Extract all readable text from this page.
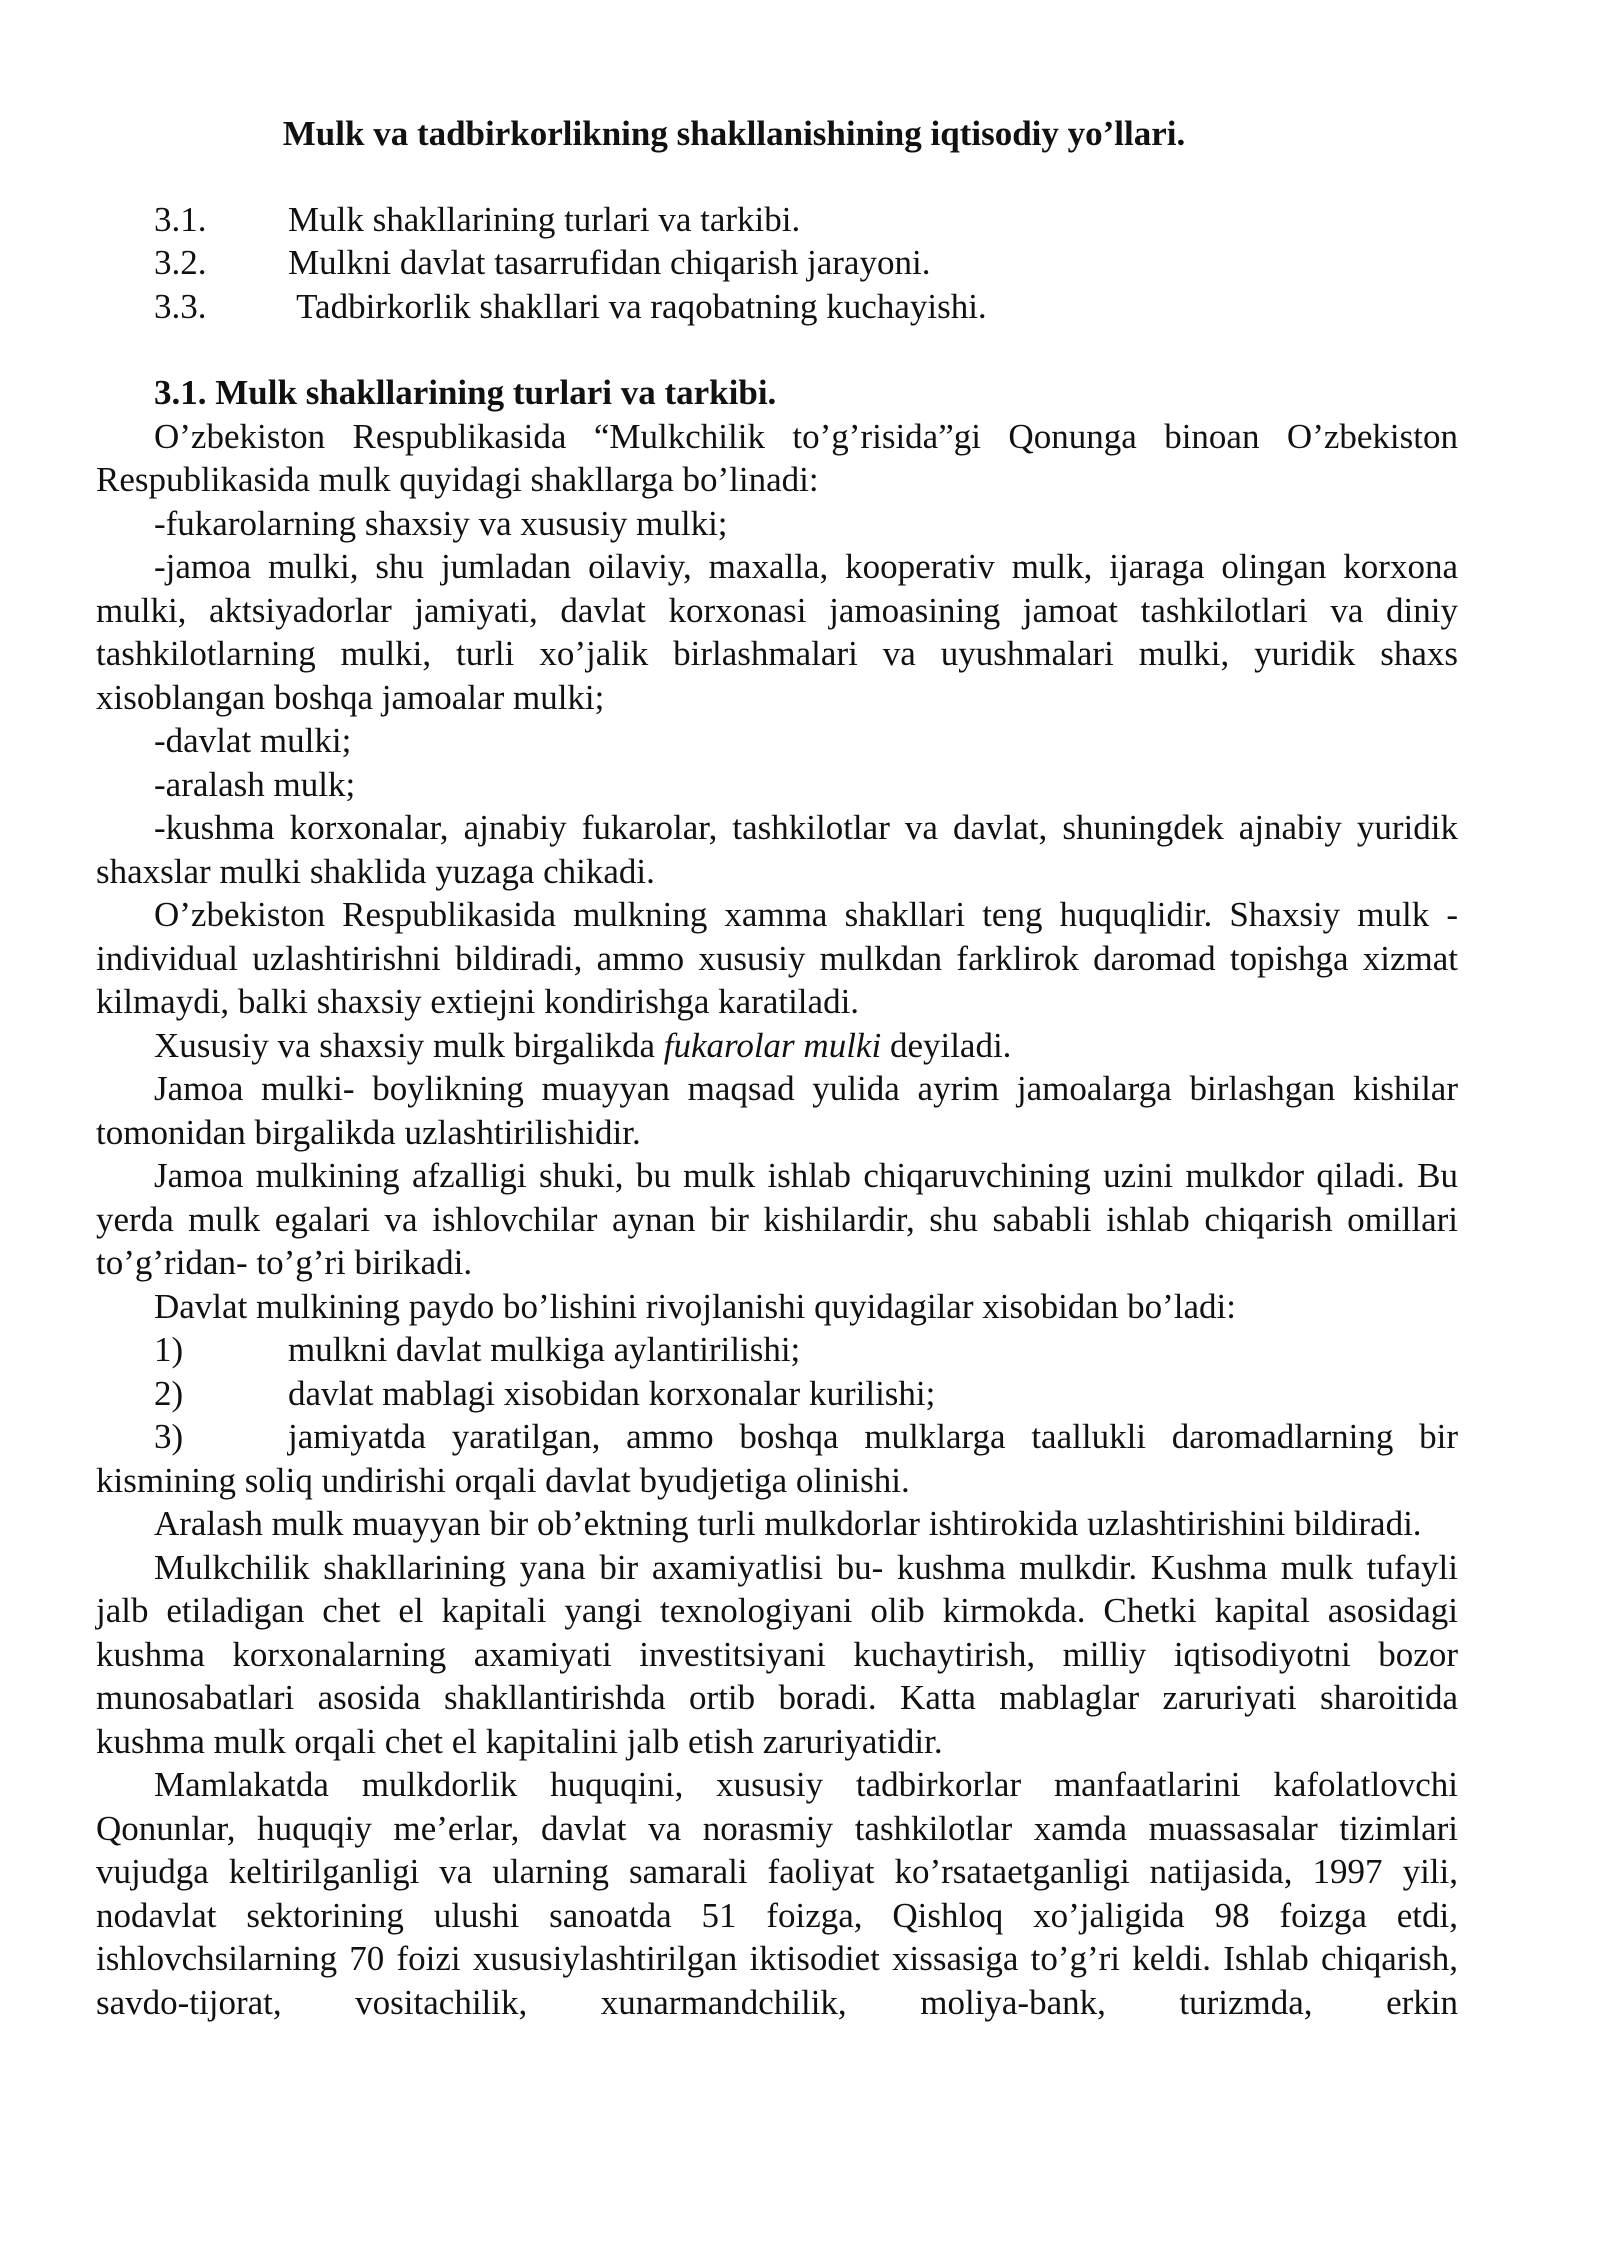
Mulk va tadbirkorlikning shakllanishining iqtisodiy yo’llari.
3.1.	Mulk shakllarining turlari va tarkibi.
3.2.	Mulkni davlat tasarrufidan chiqarish jarayoni.
3.3.	Tadbirkorlik shakllari va raqobatning kuchayishi.
3.1. Mulk shakllarining turlari va tarkibi.

O’zbekiston Respublikasida “Mulkchilik to’g’risida”gi Qonunga binoan O’zbekiston Respublikasida mulk quyidagi shakllarga bo’linadi:

-fukarolarning shaxsiy va xususiy mulki;

-jamoa mulki, shu jumladan oilaviy, maxalla, kooperativ mulk, ijaraga olingan korxona mulki, aktsiyadorlar jamiyati, davlat korxonasi jamoasining jamoat tashkilotlari va diniy tashkilotlarning mulki, turli xo’jalik birlashmalari va uyushmalari mulki, yuridik shaxs xisoblangan boshqa jamoalar mulki;

-davlat mulki;

-aralash mulk;

-kushma korxonalar, ajnabiy fukarolar, tashkilotlar va davlat, shuningdek ajnabiy yuridik shaxslar mulki shaklida yuzaga chikadi.

O’zbekiston Respublikasida mulkning xamma shakllari teng huquqlidir. Shaxsiy mulk - individual uzlashtirishni bildiradi, ammo xususiy mulkdan farklirok daromad topishga xizmat kilmaydi, balki shaxsiy extiejni kondirishga karatiladi.

Xususiy va shaxsiy mulk birgalikda fukarolar mulki deyiladi.

Jamoa mulki- boylikning muayyan maqsad yulida ayrim jamoalarga birlashgan kishilar tomonidan birgalikda uzlashtirilishidir.

Jamoa mulkining afzalligi shuki, bu mulk ishlab chiqaruvchining uzini mulkdor qiladi. Bu yerda mulk egalari va ishlovchilar aynan bir kishilardir, shu sababli ishlab chiqarish omillari to’g’ridan- to’g’ri birikadi.

Davlat mulkining paydo bo’lishini rivojlanishi quyidagilar xisobidan bo’ladi:

1)	mulkni davlat mulkiga aylantirilishi;

2)	davlat mablagi xisobidan korxonalar kurilishi;

3)	jamiyatda yaratilgan, ammo boshqa mulklarga taallukli daromadlarning bir kismining soliq undirishi orqali davlat byudjetiga olinishi.

Aralash mulk muayyan bir ob’ektning turli mulkdorlar ishtirokida uzlashtirishini bildiradi.

Mulkchilik shakllarining yana bir axamiyatlisi bu- kushma mulkdir. Kushma mulk tufayli jalb etiladigan chet el kapitali yangi texnologiyani olib kirmokda. Chetki kapital asosidagi kushma korxonalarning axamiyati investitsiyani kuchaytirish, milliy iqtisodiyotni bozor munosabatlari asosida shakllantirishda ortib boradi. Katta mablaglar zaruriyati sharoitida kushma mulk orqali chet el kapitalini jalb etish zaruriyatidir.

Mamlakatda mulkdorlik huquqini, xususiy tadbirkorlar manfaatlarini kafolatlovchi Qonunlar, huquqiy me’erlar, davlat va norasmiy tashkilotlar xamda muassasalar tizimlari vujudga keltirilganligi va ularning samarali faoliyat ko’rsataetganligi natijasida, 1997 yili, nodavlat sektorining ulushi sanoatda 51 foizga, Qishloq xo’jaligida 98 foizga etdi, ishlovchsilarning 70 foizi xususiylashtirilgan iktisodiet xissasiga to’g’ri keldi. Ishlab chiqarish, savdo-tijorat, vositachilik, xunarmandchilik, moliya-bank, turizmda, erkin
